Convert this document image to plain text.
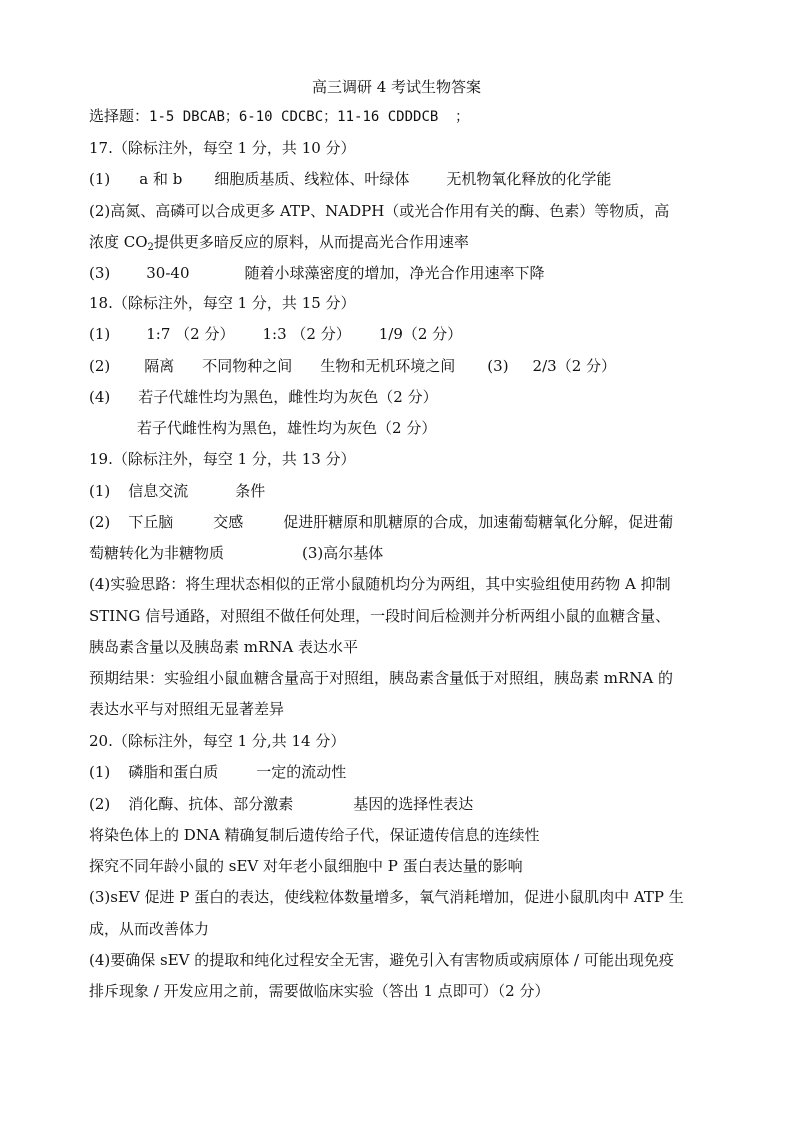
高三调研 4 考试生物答案
选择题：1-5 DBCAB；6-10 CDCBC；11-16 CDDDCB  ；
17.（除标注外，每空 1 分，共 10 分）
(1) a 和 b 细胞质基质、线粒体、叶绿体 无机物氧化释放的化学能
(2)高氮、高磷可以合成更多 ATP、NADPH（或光合作用有关的酶、色素）等物质，高
浓度 $CO_2$提供更多暗反应的原料，从而提高光合作用速率
(3) 30-40	随着小球藻密度的增加，净光合作用速率下降
18.（除标注外，每空 1 分，共 15 分）
(1) 1:7 （2 分） 1:3 （2 分） 1/9（2 分）
(2) 隔离 不同物种之间 生物和无机环境之间 (3) 2/3（2 分）
(4) 若子代雄性均为黑色，雌性均为灰色（2 分）
若子代雌性构为黑色，雄性均为灰色（2 分）
19.（除标注外，每空 1 分，共 13 分）
(1) 信息交流	条件
(2) 下丘脑	交感	促进肝糖原和肌糖原的合成，加速葡萄糖氧化分解，促进葡
萄糖转化为非糖物质	(3)高尔基体
(4)实验思路：将生理状态相似的正常小鼠随机均分为两组，其中实验组使用药物 A 抑制
STING 信号通路，对照组不做任何处理，一段时间后检测并分析两组小鼠的血糖含量、
胰岛素含量以及胰岛素 mRNA 表达水平
预期结果：实验组小鼠血糖含量高于对照组，胰岛素含量低于对照组，胰岛素 mRNA 的
表达水平与对照组无显著差异
20.（除标注外，每空 1 分,共 14 分）
(1) 磷脂和蛋白质	一定的流动性
(2) 消化酶、抗体、部分激素	基因的选择性表达
将染色体上的 DNA 精确复制后遗传给子代，保证遗传信息的连续性
探究不同年龄小鼠的 sEV 对年老小鼠细胞中 P 蛋白表达量的影响
(3)sEV 促进 P 蛋白的表达，使线粒体数量增多，氧气消耗增加，促进小鼠肌肉中 ATP 生
成，从而改善体力
(4)要确保 sEV 的提取和纯化过程安全无害，避免引入有害物质或病原体 / 可能出现免疫
排斥现象 / 开发应用之前，需要做临床实验（答出 1 点即可）（2 分）
